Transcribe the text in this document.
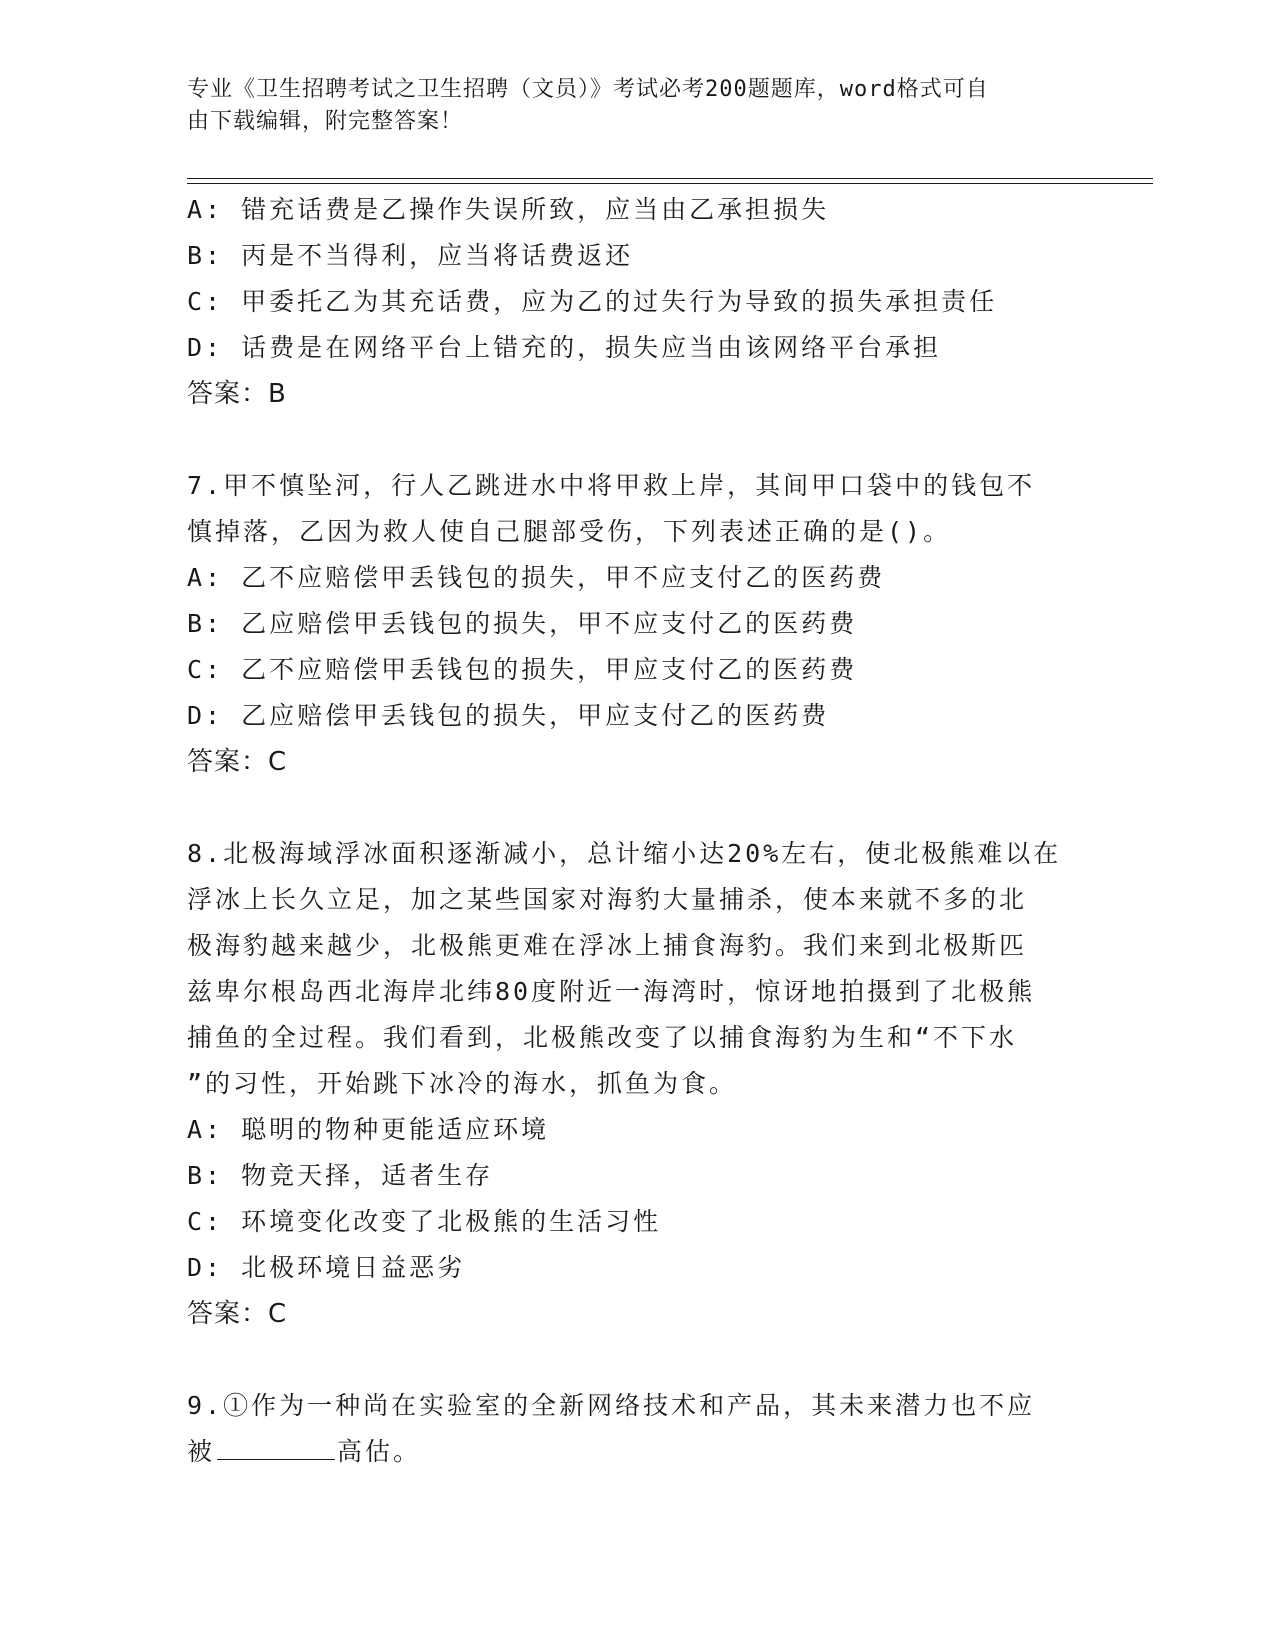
专业《卫生招聘考试之卫生招聘（文员）》考试必考200题题库，word格式可自
由下载编辑，附完整答案！
A: 错充话费是乙操作失误所致，应当由乙承担损失
B: 丙是不当得利，应当将话费返还
C: 甲委托乙为其充话费，应为乙的过失行为导致的损失承担责任
D: 话费是在网络平台上错充的，损失应当由该网络平台承担
答案：B
7.甲不慎坠河，行人乙跳进水中将甲救上岸，其间甲口袋中的钱包不
慎掉落，乙因为救人使自己腿部受伤，下列表述正确的是()。
A: 乙不应赔偿甲丢钱包的损失，甲不应支付乙的医药费
B: 乙应赔偿甲丢钱包的损失，甲不应支付乙的医药费
C: 乙不应赔偿甲丢钱包的损失，甲应支付乙的医药费
D: 乙应赔偿甲丢钱包的损失，甲应支付乙的医药费
答案：C
8.北极海域浮冰面积逐渐减小，总计缩小达20%左右，使北极熊难以在
浮冰上长久立足，加之某些国家对海豹大量捕杀，使本来就不多的北
极海豹越来越少，北极熊更难在浮冰上捕食海豹。我们来到北极斯匹
兹卑尔根岛西北海岸北纬80度附近一海湾时，惊讶地拍摄到了北极熊
捕鱼的全过程。我们看到，北极熊改变了以捕食海豹为生和“不下水
”的习性，开始跳下冰冷的海水，抓鱼为食。
A: 聪明的物种更能适应环境
B: 物竞天择，适者生存
C: 环境变化改变了北极熊的生活习性
D: 北极环境日益恶劣
答案：C
9.①作为一种尚在实验室的全新网络技术和产品，其未来潜力也不应
被	高估。
